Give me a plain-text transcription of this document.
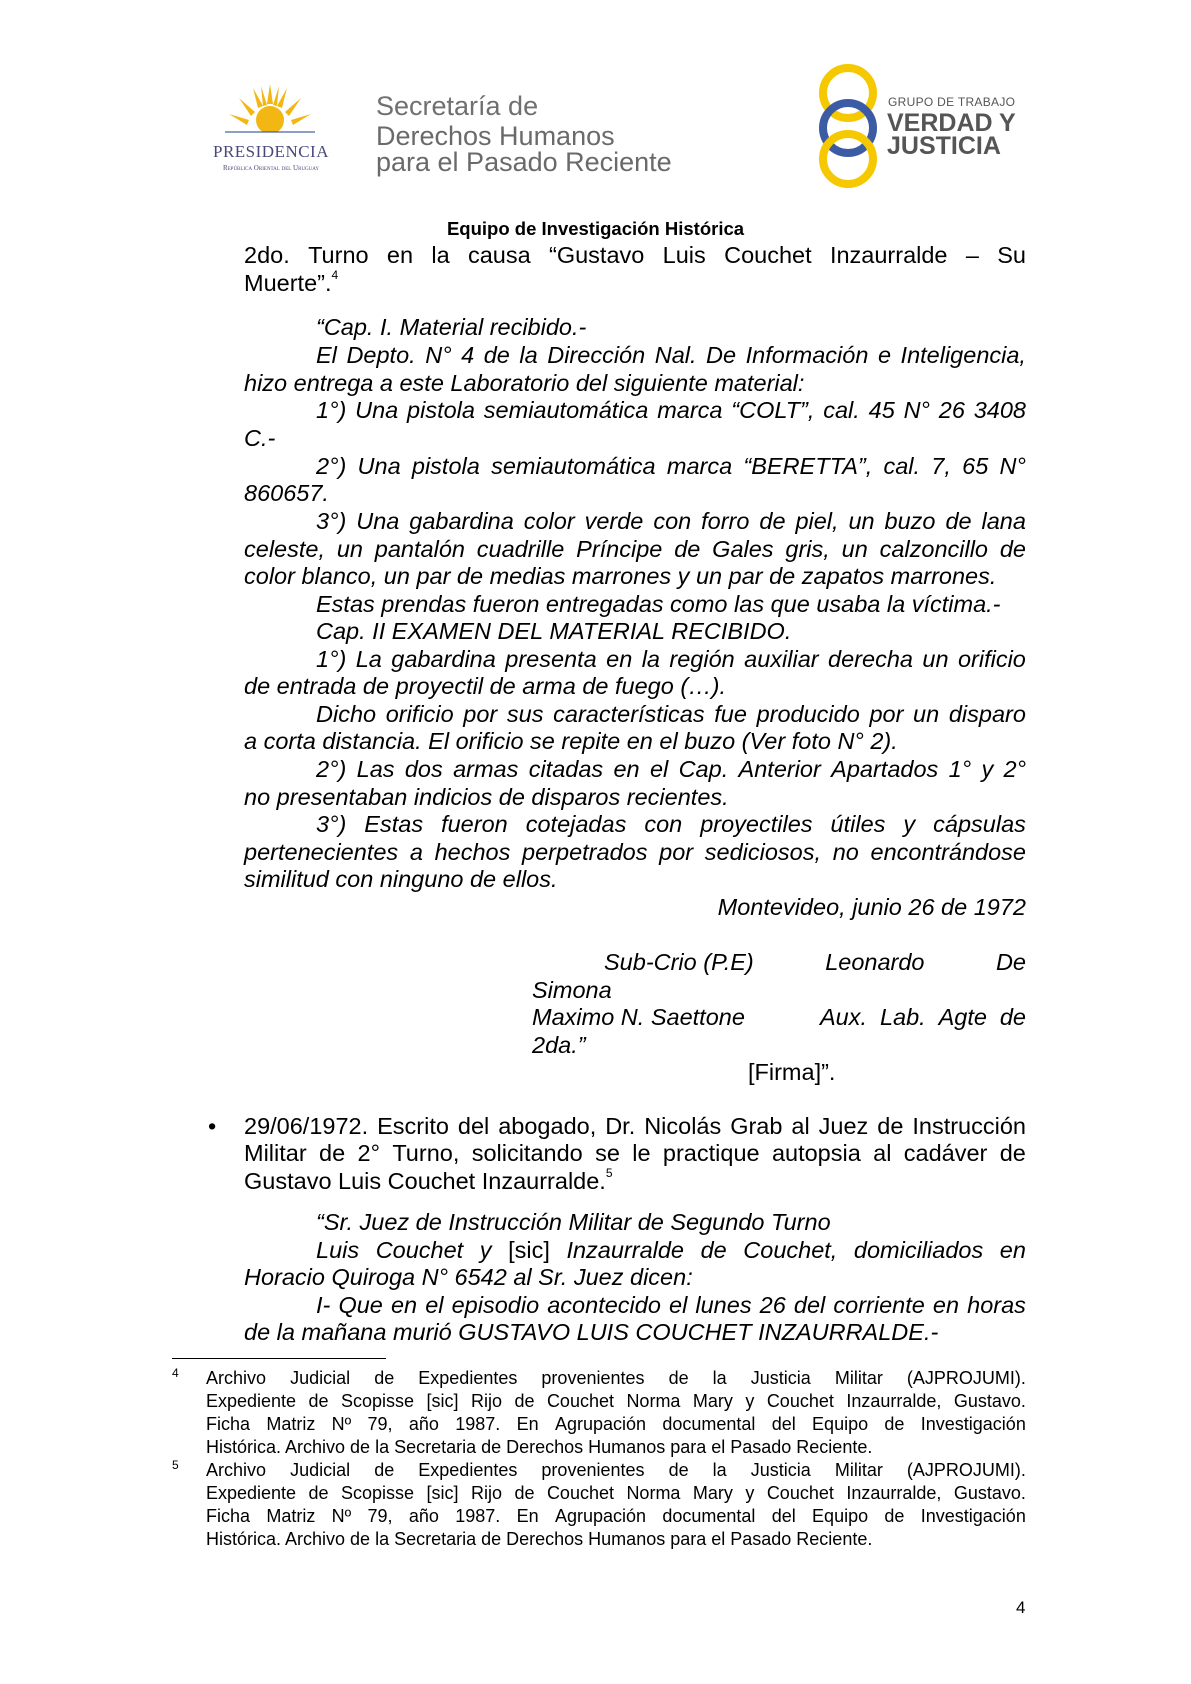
PRESIDENCIA
República Oriental del Uruguay
Secretaría de
Derechos Humanos
para el Pasado Reciente
GRUPO DE TRABAJO
VERDAD Y
JUSTICIA
Equipo de Investigación Histórica
2do. Turno en la causa “Gustavo Luis Couchet Inzaurralde – Su
Muerte”.$^4$
“Cap. I. Material recibido.-
El Depto. N° 4 de la Dirección Nal. De Información e Inteligencia,
hizo entrega a este Laboratorio del siguiente material:
1°) Una pistola semiautomática marca “COLT”, cal. 45 N° 26 3408
C.-
2°) Una pistola semiautomática marca “BERETTA”, cal. 7, 65 N°
860657.
3°) Una gabardina color verde con forro de piel, un buzo de lana
celeste, un pantalón cuadrille Príncipe de Gales gris, un calzoncillo de
color blanco, un par de medias marrones y un par de zapatos marrones.
Estas prendas fueron entregadas como las que usaba la víctima.-
Cap. II EXAMEN DEL MATERIAL RECIBIDO.
1°) La gabardina presenta en la región auxiliar derecha un orificio
de entrada de proyectil de arma de fuego (…).
Dicho orificio por sus características fue producido por un disparo
a corta distancia. El orificio se repite en el buzo (Ver foto N° 2).
2°) Las dos armas citadas en el Cap. Anterior Apartados 1° y 2°
no presentaban indicios de disparos recientes.
3°) Estas fueron cotejadas con proyectiles útiles y cápsulas
pertenecientes a hechos perpetrados por sediciosos, no encontrándose
similitud con ninguno de ellos.
Montevideo, junio 26 de 1972
Sub-Crio (P.E)	Leonardo	De
Simona
Maximo N. Saettone	Aux. Lab. Agte de
2da.”
[Firma]”.
• 29/06/1972. Escrito del abogado, Dr. Nicolás Grab al Juez de Instrucción
Militar de 2° Turno, solicitando se le practique autopsia al cadáver de
Gustavo Luis Couchet Inzaurralde.$^5$
“Sr. Juez de Instrucción Militar de Segundo Turno
Luis Couchet y [sic] Inzaurralde de Couchet, domiciliados en
Horacio Quiroga N° 6542 al Sr. Juez dicen:
I- Que en el episodio acontecido el lunes 26 del corriente en horas
de la mañana murió GUSTAVO LUIS COUCHET INZAURRALDE.-
4 Archivo Judicial de Expedientes provenientes de la Justicia Militar (AJPROJUMI).
Expediente de Scopisse [sic] Rijo de Couchet Norma Mary y Couchet Inzaurralde, Gustavo.
Ficha Matriz Nº 79, año 1987. En Agrupación documental del Equipo de Investigación
Histórica. Archivo de la Secretaria de Derechos Humanos para el Pasado Reciente.
5 Archivo Judicial de Expedientes provenientes de la Justicia Militar (AJPROJUMI).
Expediente de Scopisse [sic] Rijo de Couchet Norma Mary y Couchet Inzaurralde, Gustavo.
Ficha Matriz Nº 79, año 1987. En Agrupación documental del Equipo de Investigación
Histórica. Archivo de la Secretaria de Derechos Humanos para el Pasado Reciente.
4
